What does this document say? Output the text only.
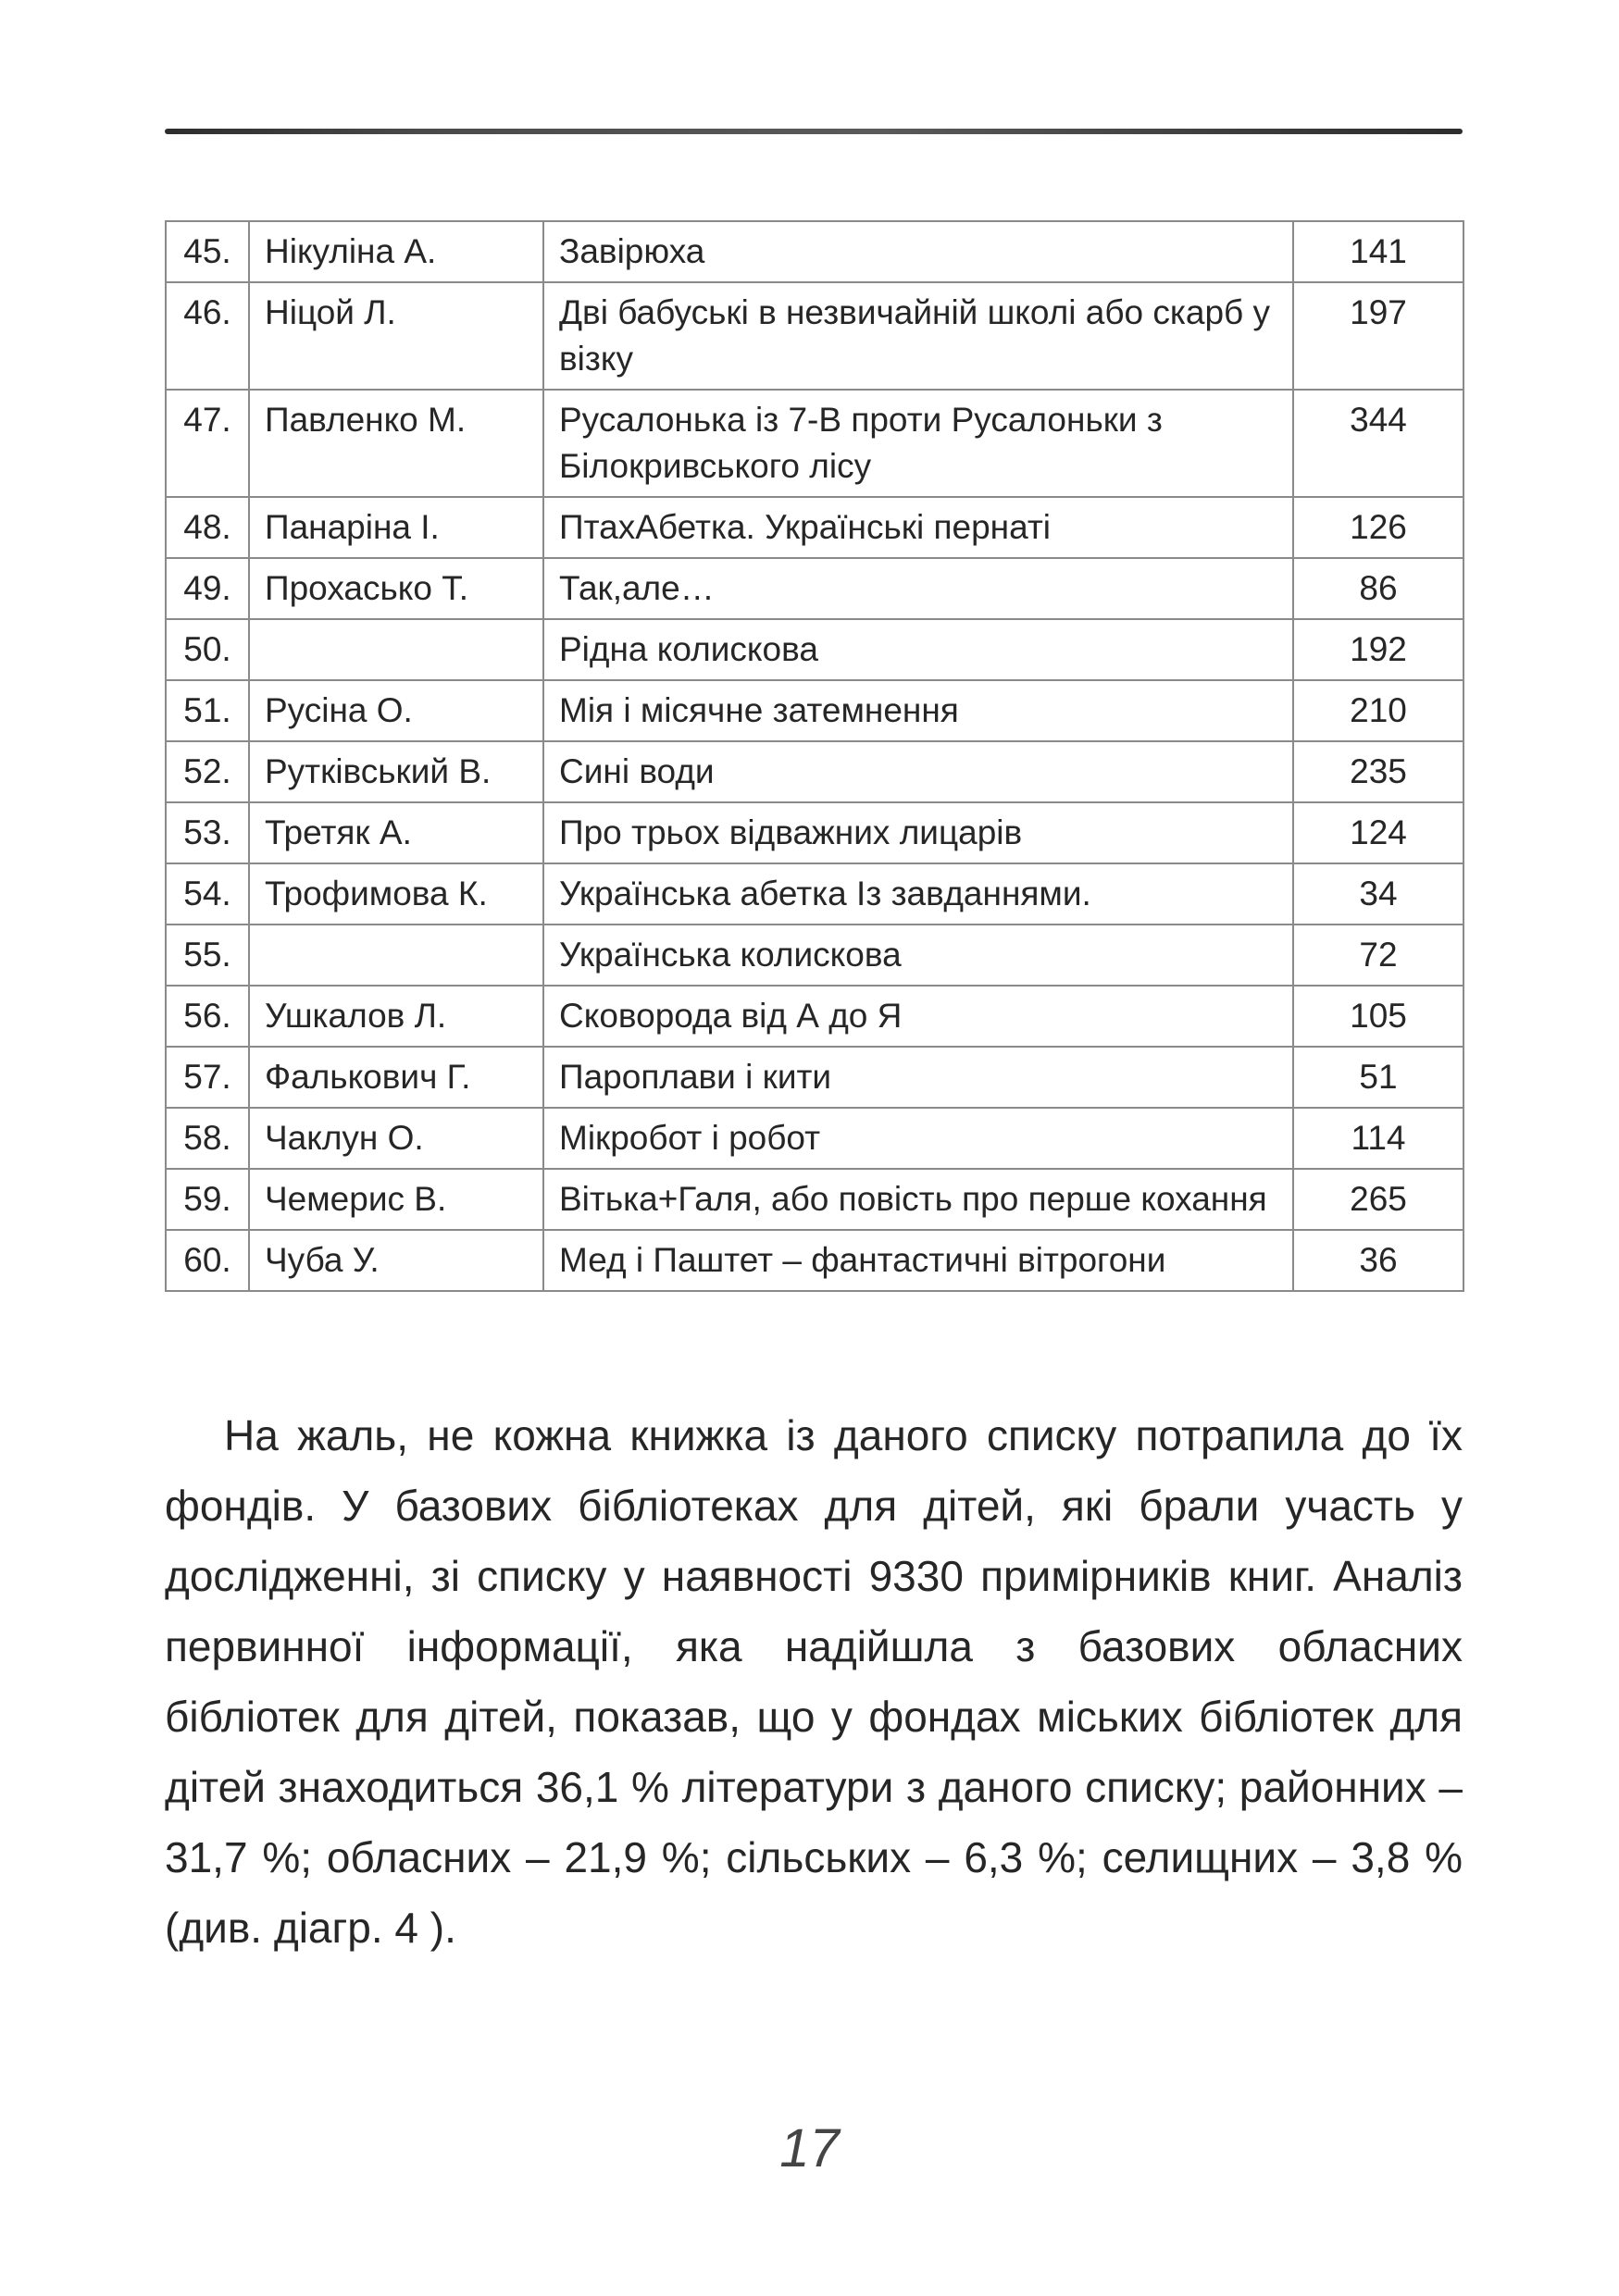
45.	Нікуліна А.	Завірюха	141
46.	Ніцой Л.	Дві бабуські в незвичайній школі або скарб у візку	197
47.	Павленко М.	Русалонька із 7-В проти Русалоньки з Білокривського лісу	344
48.	Панаріна І.	ПтахАбетка. Українські пернаті	126
49.	Прохасько Т.	Так,але…	86
50.		Рідна колискова	192
51.	Русіна О.	Мія і місячне затемнення	210
52.	Рутківський В.	Сині води	235
53.	Третяк А.	Про трьох відважних лицарів	124
54.	Трофимова К.	Українська абетка Із завданнями.	34
55.		Українська колискова	72
56.	Ушкалов Л.	Сковорода від А до Я	105
57.	Фалькович Г.	Пароплави і кити	51
58.	Чаклун О.	Мікробот і робот	114
59.	Чемерис В.	Вітька+Галя, або повість про перше кохання	265
60.	Чуба У.	Мед і Паштет – фантастичні вітрогони	36

На жаль, не кожна книжка із даного списку потрапила до їх фондів. У базових бібліотеках для дітей, які брали участь у дослідженні, зі списку у наявності 9330 примірників книг. Аналіз первинної інформації, яка надійшла з базових обласних бібліотек для дітей, показав, що у фондах міських бібліотек для дітей знаходиться 36,1 % літератури з даного списку; районних – 31,7 %; обласних – 21,9 %; сільських – 6,3 %; селищних – 3,8 % (див. діагр. 4 ).

17
